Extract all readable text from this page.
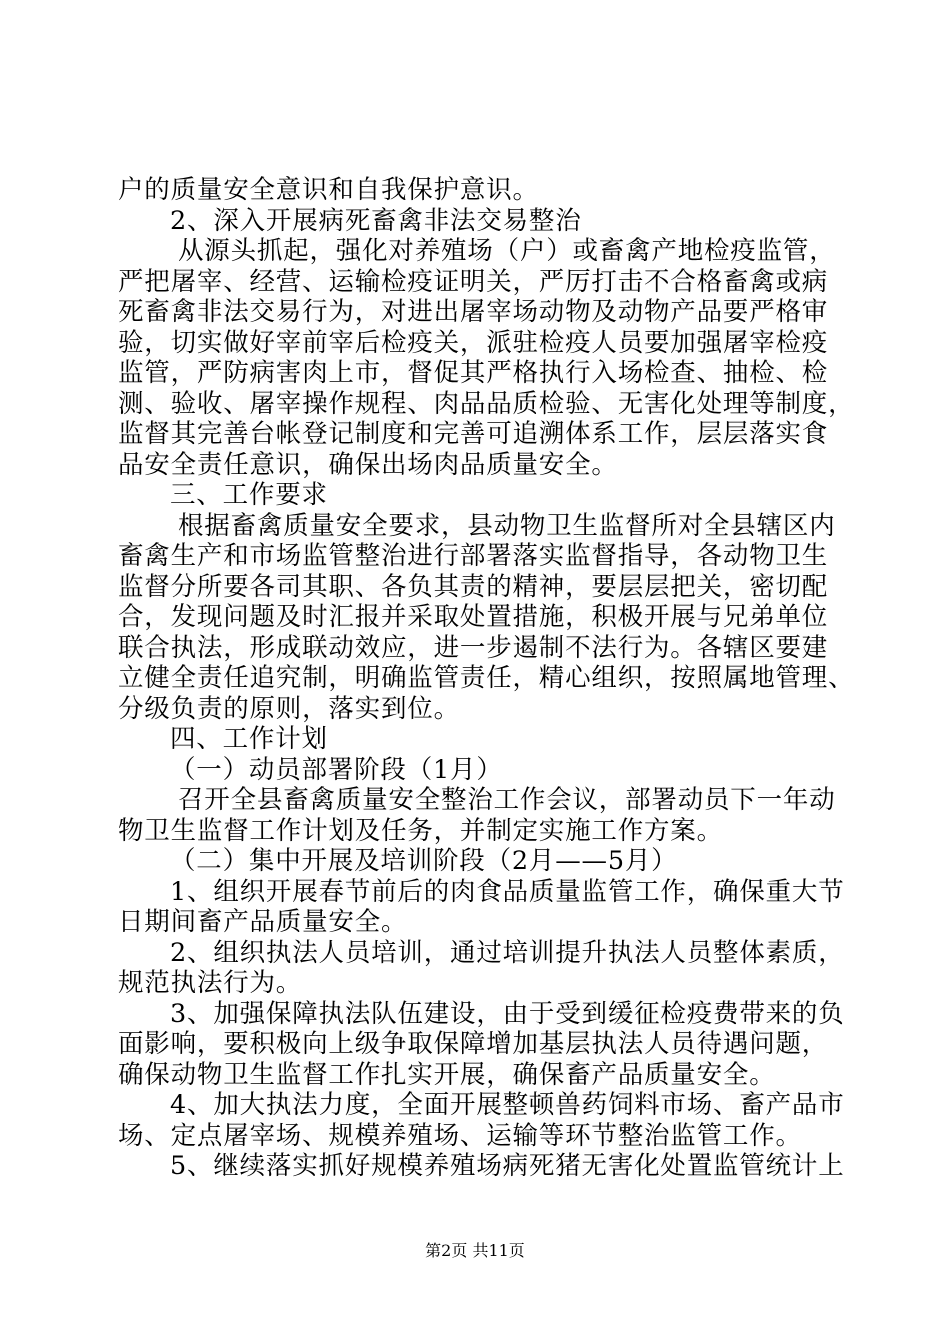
户的质量安全意识和自我保护意识。
2、深入开展病死畜禽非法交易整治
从源头抓起，强化对养殖场（户）或畜禽产地检疫监管，
严把屠宰、经营、运输检疫证明关，严厉打击不合格畜禽或病
死畜禽非法交易行为，对进出屠宰场动物及动物产品要严格审
验，切实做好宰前宰后检疫关，派驻检疫人员要加强屠宰检疫
监管，严防病害肉上市，督促其严格执行入场检查、抽检、检
测、验收、屠宰操作规程、肉品品质检验、无害化处理等制度，
监督其完善台帐登记制度和完善可追溯体系工作，层层落实食
品安全责任意识，确保出场肉品质量安全。
三、工作要求
根据畜禽质量安全要求，县动物卫生监督所对全县辖区内
畜禽生产和市场监管整治进行部署落实监督指导，各动物卫生
监督分所要各司其职、各负其责的精神，要层层把关，密切配
合，发现问题及时汇报并采取处置措施，积极开展与兄弟单位
联合执法，形成联动效应，进一步遏制不法行为。各辖区要建
立健全责任追究制，明确监管责任，精心组织，按照属地管理、
分级负责的原则，落实到位。
四、工作计划
（一）动员部署阶段（1月）
召开全县畜禽质量安全整治工作会议，部署动员下一年动
物卫生监督工作计划及任务，并制定实施工作方案。
（二）集中开展及培训阶段（2月——5月）
1、组织开展春节前后的肉食品质量监管工作，确保重大节
日期间畜产品质量安全。
2、组织执法人员培训，通过培训提升执法人员整体素质，
规范执法行为。
3、加强保障执法队伍建设，由于受到缓征检疫费带来的负
面影响，要积极向上级争取保障增加基层执法人员待遇问题，
确保动物卫生监督工作扎实开展，确保畜产品质量安全。
4、加大执法力度，全面开展整顿兽药饲料市场、畜产品市
场、定点屠宰场、规模养殖场、运输等环节整治监管工作。
5、继续落实抓好规模养殖场病死猪无害化处置监管统计上
第2页 共11页
